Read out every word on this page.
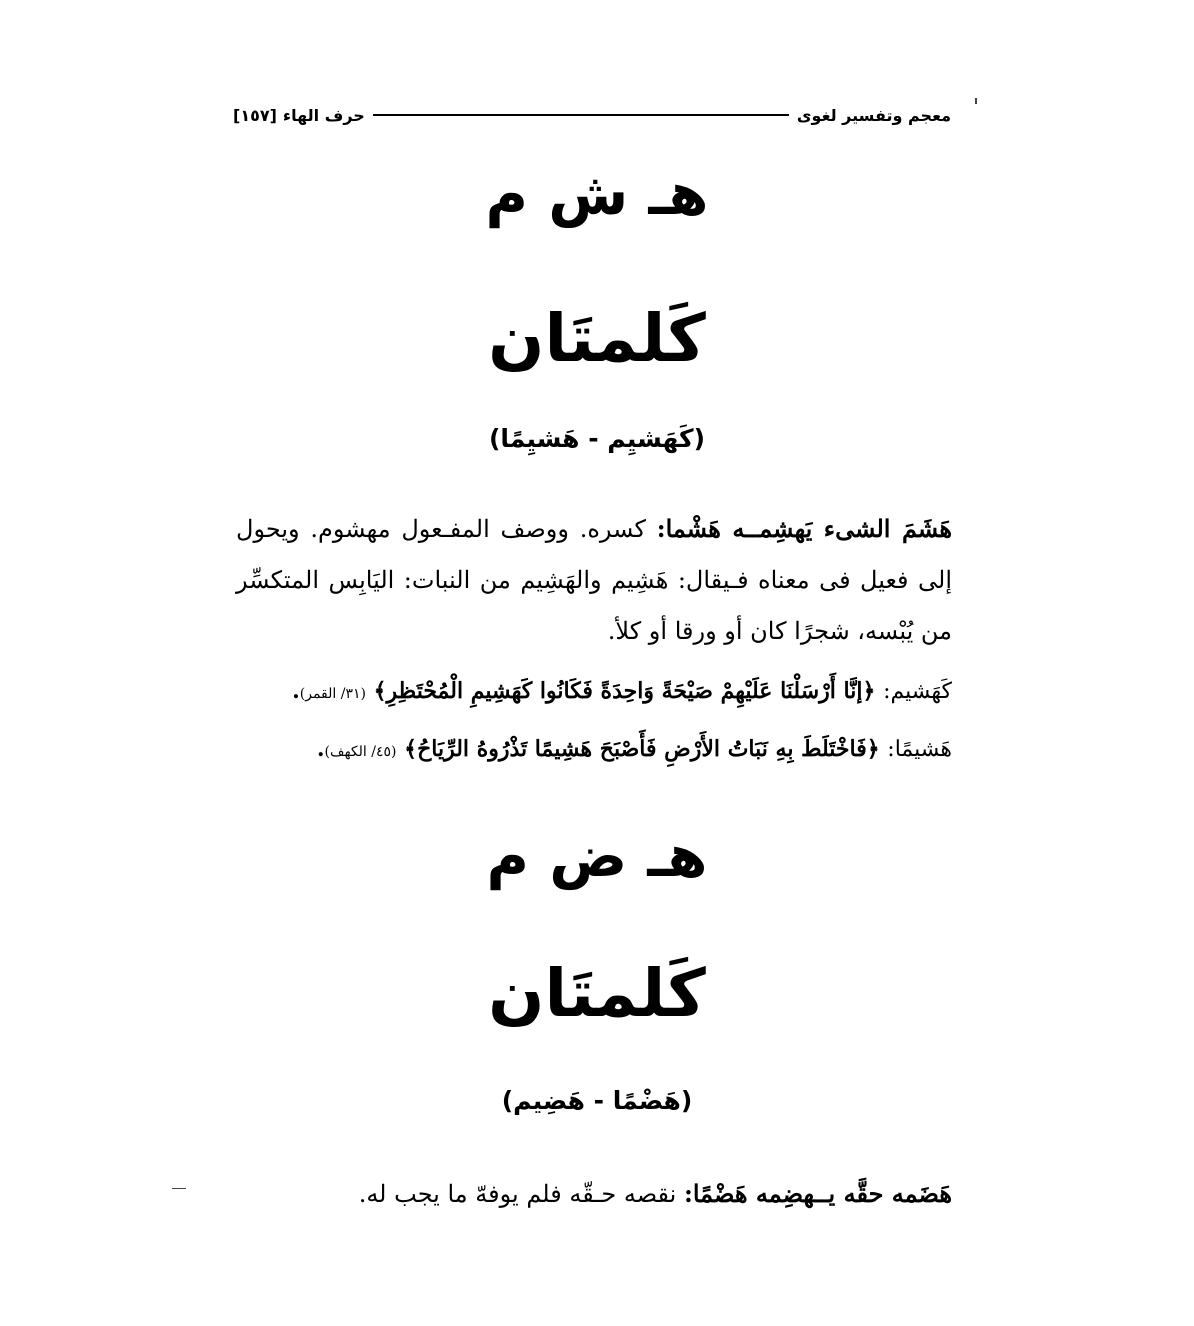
معجم وتفسير لغوى
حرف الهاء
[١٥٧]
هـ ش م
كَلمتَان
(كَهَشيِم - هَشيِمًا)
هَشَمَ الشىء يَهشِمــه هَشْما: كسره. ووصف المفـعول مهشوم. ويحول إلى فعيل فى معناه فـيقال: هَشِيم والهَشِيم من النبات: اليَابِس المتكسِّر من يُبْسه، شجرًا كان أو ورقا أو كلأ.
كَهَشيم: ﴿إنَّا أَرْسَلْنَا عَلَيْهِمْ صَيْحَةً وَاحِدَةً فَكَانُوا كَهَشِيمِ الْمُحْتَظِرِ﴾ (٣١/ القمر).
هَشيمًا: ﴿فَاخْتَلَطَ بِهِ نَبَاتُ الأَرْضِ فَأَصْبَحَ هَشِيمًا تَذْرُوهُ الرِّيَاحُ﴾ (٤٥/ الكهف).
هـ ض م
كَلمتَان
(هَضْمًا - هَضِيم)
هَضَمه حقَّه يــهضِمه هَضْمًا: نقصه حـقّه فلم يوفهّ ما يجب له.
